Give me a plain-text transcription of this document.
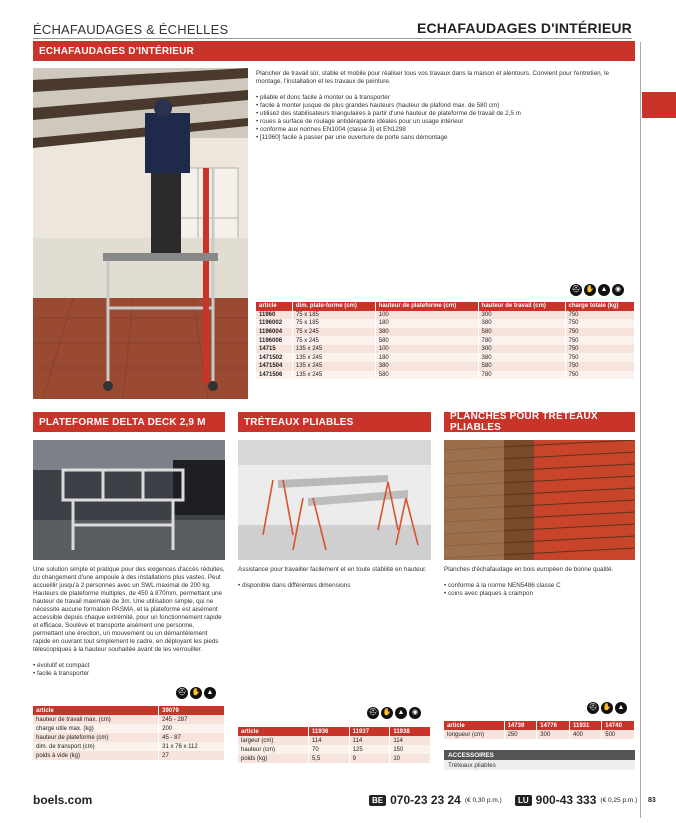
ÉCHAFAUDAGES & ÉCHELLES	ECHAFAUDAGES D'INTÉRIEUR
ECHAFAUDAGES D'INTÉRIEUR

Plancher de travail sûr, stable et mobile pour réaliser tous vos travaux dans la maison et alentours. Convient pour l'entretien, le montage, l'installation et les travaux de peinture.

• pliable et donc facile à monter ou à transporter
• facile à monter jusque de plus grandes hauteurs (hauteur de plafond max. de 580 cm)
• utilisez des stabilisateurs triangulaires à partir d'une hauteur de plateforme de travail de 2,5 m
• roues à surface de roulage antidérapante idéales pour un usage intérieur
• conforme aux normes EN1004 (classe 3) et EN1298
• [11960] facile à passer par une ouverture de porte sans démontage
⛑ ✋ ▲	◉
article	dim. plate-forme (cm)	hauteur de plateforme (cm)	hauteur de travail (cm)	charge totale (kg)
11960	75 x 185	100	300	750
1196002	75 x 185	180	380	750
1196004	75 x 245	380	580	750
1196006	75 x 245	580	780	750
14715	135 x 245	100	300	750
1471502	135 x 245	180	380	750
1471504	135 x 245	380	580	750
1471506	135 x 245	580	780	750
PLATEFORME DELTA DECK 2,9 M

Une solution simple et pratique pour des exigences d'accès réduites, du changement d'une ampoule à des installations plus vastes. Peut accueillir jusqu'à 2 personnes avec un SWL maximal de 200 kg. Hauteurs de plateforme multiples, de 450 à 870mm, permettant une hauteur de travail maximale de 3m. Une utilisation simple, qui ne nécessite aucune formation PASMA, et la plateforme est aisément accessible depuis chaque extrémité, pour un fonctionnement rapide et efficace. Soulève et transporte aisément une personne, permettant une érection, un mouvement ou un démantèlement rapide en ouvrant tout simplement le cadre, en déployant les pieds télescopiques à la hauteur souhaitée avant de les verrouiller.

• évolutif et compact
• facile à transporter
⛑ ✋ ▲
article	39079
hauteur de travail max. (cm)	245 - 287
charge utile max. (kg)	200
hauteur de plateforme (cm)	45 - 87
dim. de transport (cm)	31 x 76 x 112
poids à vide (kg)	27
TRÉTEAUX PLIABLES

Assistance pour travailler facilement et en toute stabilité en hauteur.

• disponible dans différentes dimensions
⛑ ✋ ▲	◉
article	11936	11937	11938
largeur (cm)	114	114	114
hauteur (cm)	70	125	150
poids (kg)	5,5	9	10
PLANCHES POUR TRÉTEAUX PLIABLES

Planches d'échafaudage en bois européen de bonne qualité.

• conforme à la norme NEN5486 classe C
• coins avec plaques à crampon
⛑ ✋ ▲
article	14739	14776	11931	14740
longueur (cm)	250	300	400	500
ACCESSOIRES
Tréteaux pliables
boels.com	BE 070-23 23 24 (€ 0,30 p.m.)	LU 900-43 333 (€ 0,25 p.m.) 83
